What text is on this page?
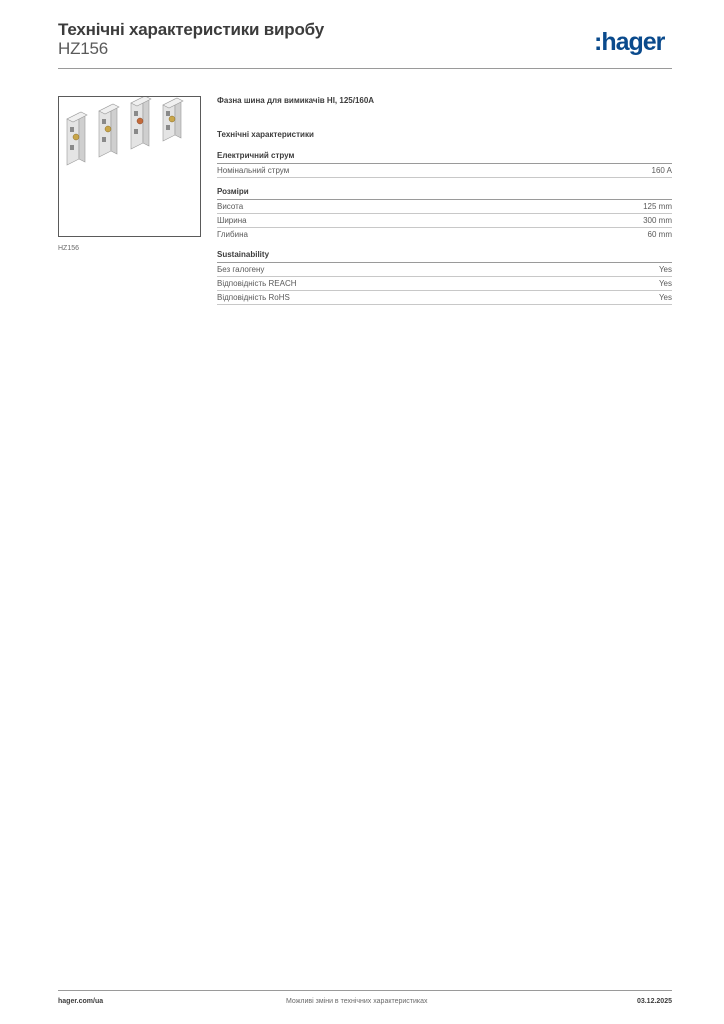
Технічні характеристики виробу
HZ156	:hager
HZ156
Фазна шина для вимикачів HI, 125/160A
Технічні характеристики
Електричний струм
Номінальний струм	160 A
Розміри
Висота	125 mm
Ширина	300 mm
Глибина	60 mm
Sustainability
Без галогену	Yes
Відповідність REACH	Yes
Відповідність RoHS	Yes
hager.com/ua	Можливі зміни в технічних характеристиках	03.12.2025
